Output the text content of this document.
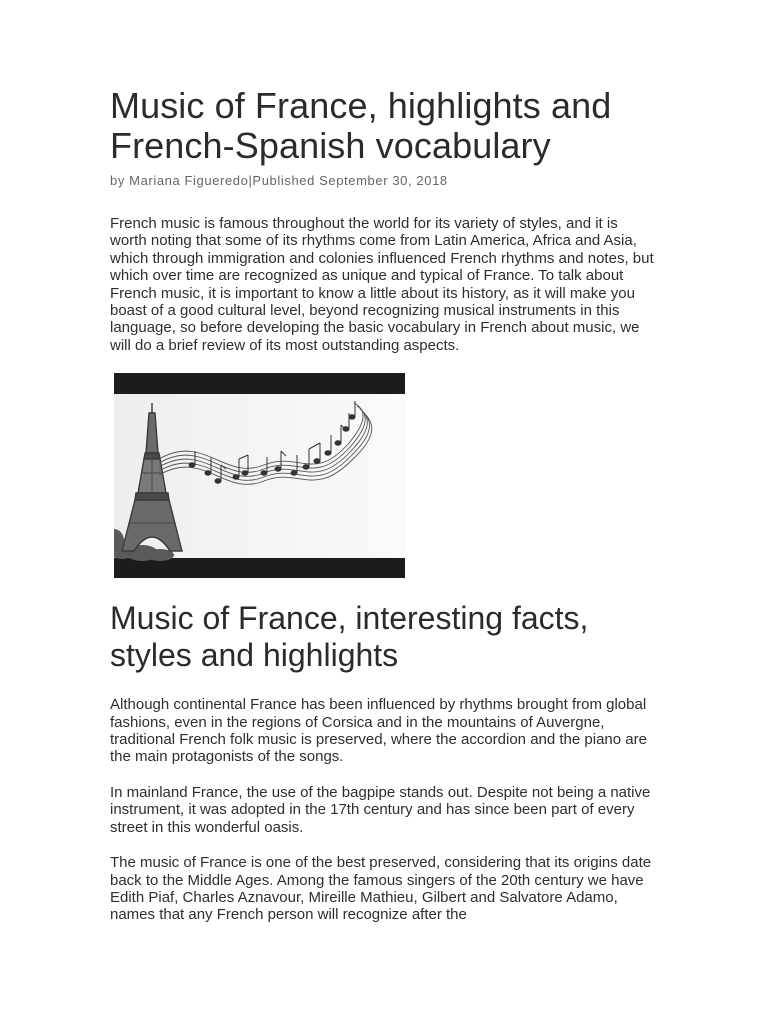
Music of France, highlights and French-Spanish vocabulary
by Mariana Figueredo|Published September 30, 2018

French music is famous throughout the world for its variety of styles, and it is worth noting that some of its rhythms come from Latin America, Africa and Asia, which through immigration and colonies influenced French rhythms and notes, but which over time are recognized as unique and typical of France. To talk about French music, it is important to know a little about its history, as it will make you boast of a good cultural level, beyond recognizing musical instruments in this language, so before developing the basic vocabulary in French about music, we will do a brief review of its most outstanding aspects.

Music of France, interesting facts, styles and highlights

Although continental France has been influenced by rhythms brought from global fashions, even in the regions of Corsica and in the mountains of Auvergne, traditional French folk music is preserved, where the accordion and the piano are the main protagonists of the songs.

In mainland France, the use of the bagpipe stands out. Despite not being a native instrument, it was adopted in the 17th century and has since been part of every street in this wonderful oasis.

The music of France is one of the best preserved, considering that its origins date back to the Middle Ages. Among the famous singers of the 20th century we have Edith Piaf, Charles Aznavour, Mireille Mathieu, Gilbert and Salvatore Adamo, names that any French person will recognize after the
